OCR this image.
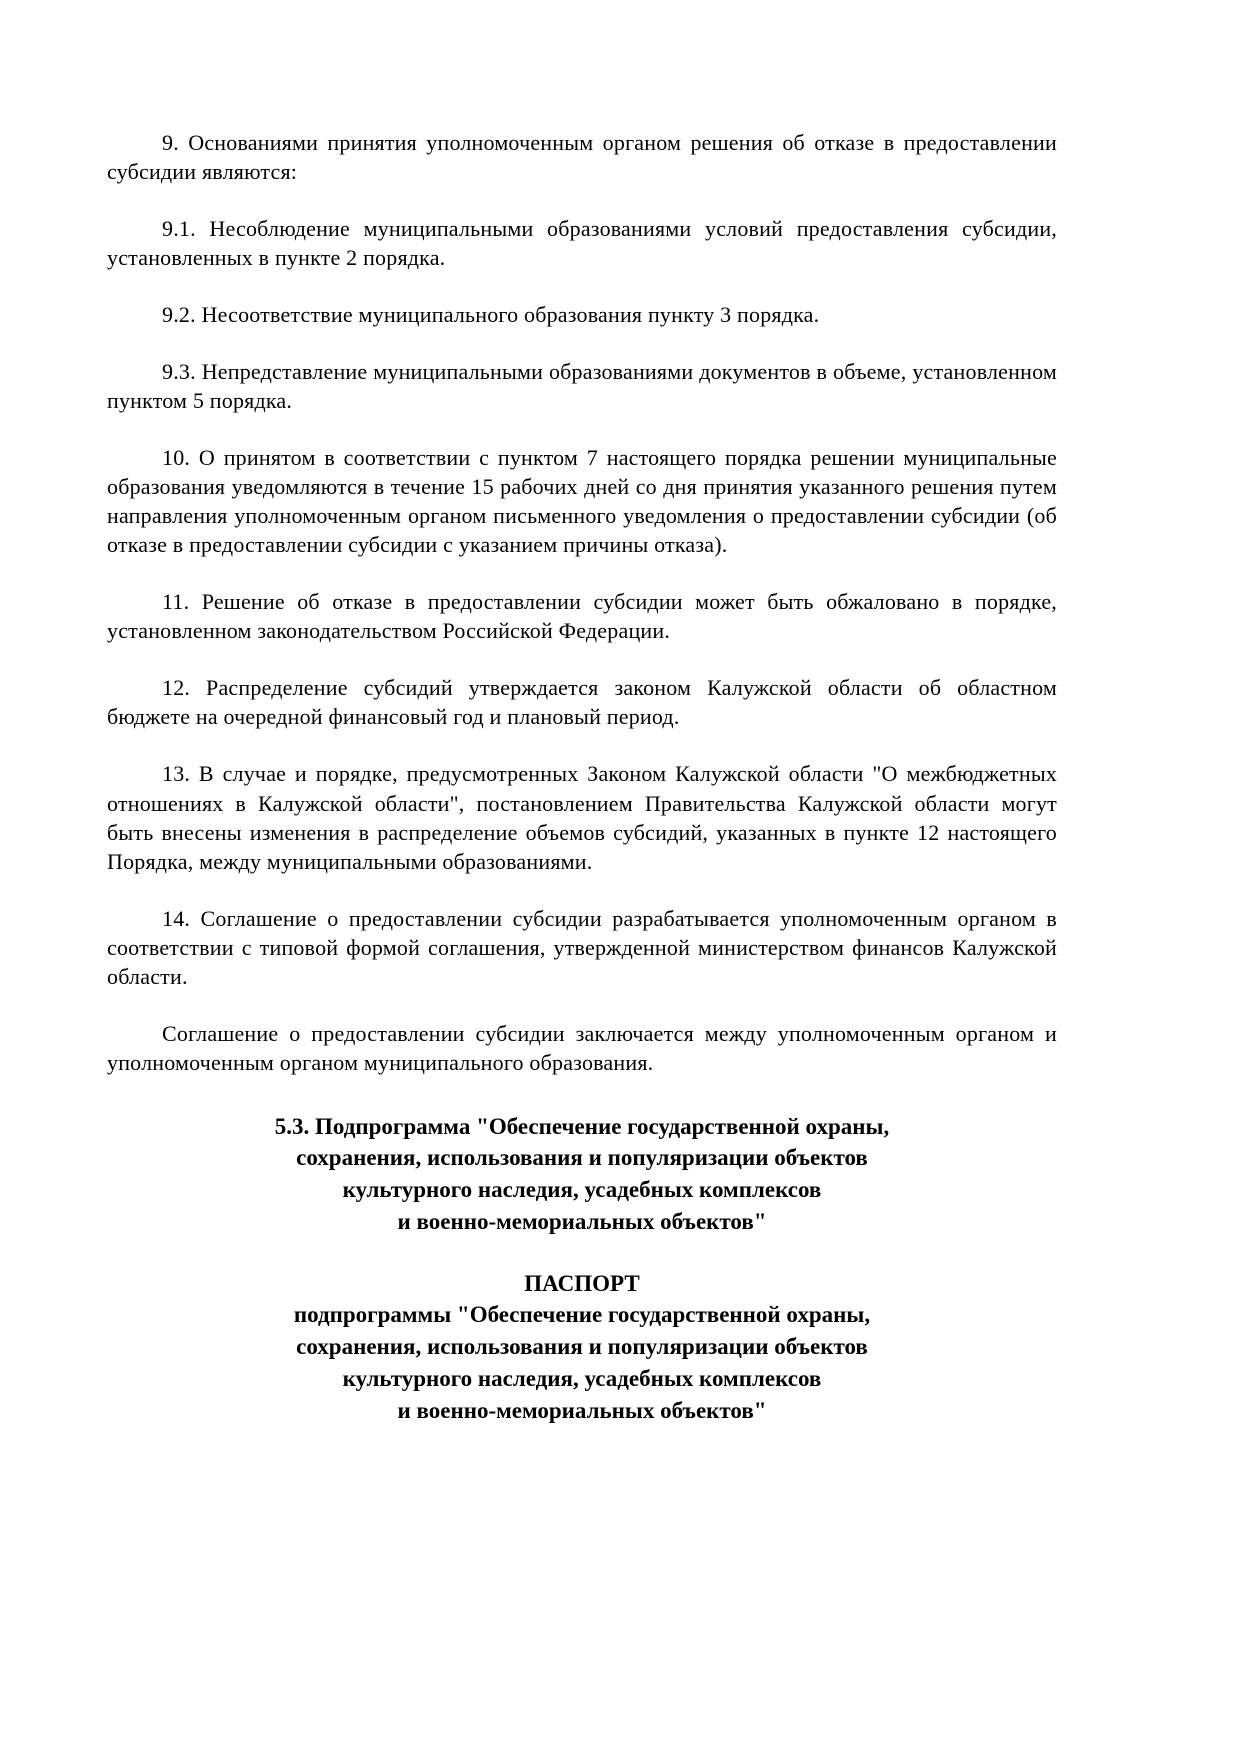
9. Основаниями принятия уполномоченным органом решения об отказе в предоставлении субсидии являются:

9.1. Несоблюдение муниципальными образованиями условий предоставления субсидии, установленных в пункте 2 порядка.

9.2. Несоответствие муниципального образования пункту 3 порядка.

9.3. Непредставление муниципальными образованиями документов в объеме, установленном пунктом 5 порядка.

10. О принятом в соответствии с пунктом 7 настоящего порядка решении муниципальные образования уведомляются в течение 15 рабочих дней со дня принятия указанного решения путем направления уполномоченным органом письменного уведомления о предоставлении субсидии (об отказе в предоставлении субсидии с указанием причины отказа).

11. Решение об отказе в предоставлении субсидии может быть обжаловано в порядке, установленном законодательством Российской Федерации.

12. Распределение субсидий утверждается законом Калужской области об областном бюджете на очередной финансовый год и плановый период.

13. В случае и порядке, предусмотренных Законом Калужской области "О межбюджетных отношениях в Калужской области", постановлением Правительства Калужской области могут быть внесены изменения в распределение объемов субсидий, указанных в пункте 12 настоящего Порядка, между муниципальными образованиями.

14. Соглашение о предоставлении субсидии разрабатывается уполномоченным органом в соответствии с типовой формой соглашения, утвержденной министерством финансов Калужской области.

Соглашение о предоставлении субсидии заключается между уполномоченным органом и уполномоченным органом муниципального образования.

5.3. Подпрограмма "Обеспечение государственной охраны,
сохранения, использования и популяризации объектов
культурного наследия, усадебных комплексов
и военно-мемориальных объектов"
ПАСПОРТ
подпрограммы "Обеспечение государственной охраны,
сохранения, использования и популяризации объектов
культурного наследия, усадебных комплексов
и военно-мемориальных объектов"
